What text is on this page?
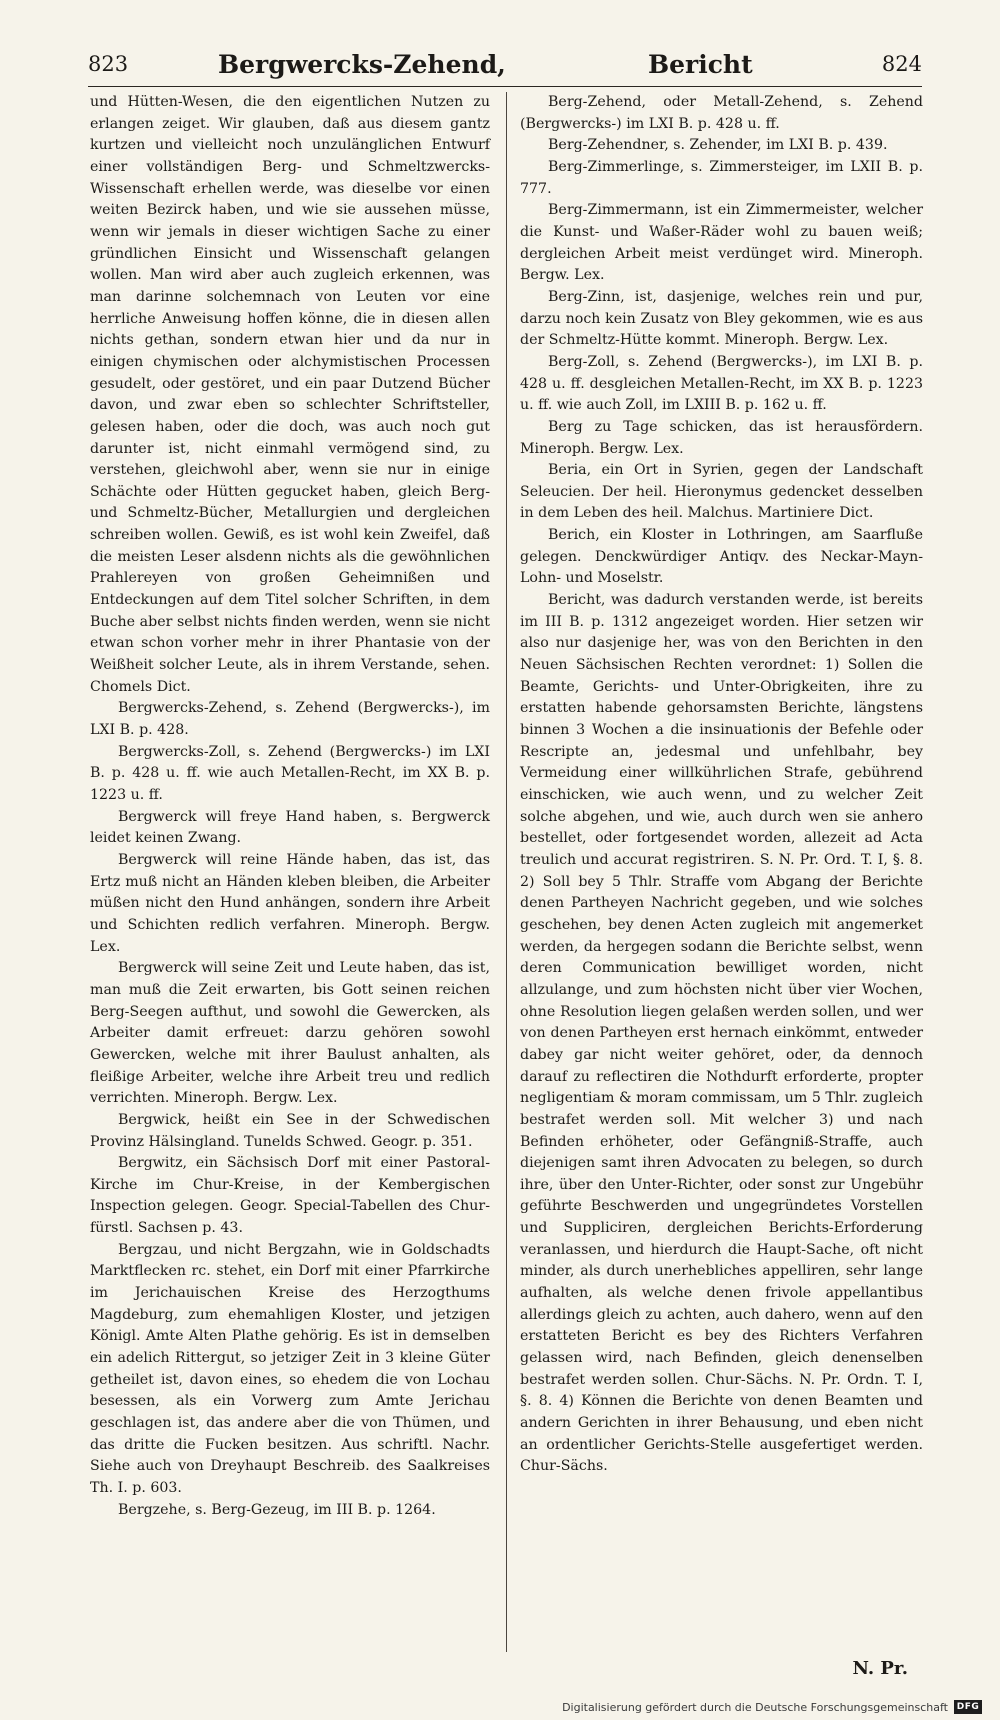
823	Bergwercks-Zehend,	Bericht	824

und Hütten-Wesen, die den eigentlichen Nutzen zu erlangen zeiget. Wir glauben, daß aus diesem gantz kurtzen und vielleicht noch unzulänglichen Entwurf einer vollständigen Berg- und Schmeltzwercks-Wissenschaft erhellen werde, was dieselbe vor einen weiten Bezirck haben, und wie sie aussehen müsse, wenn wir jemals in dieser wichtigen Sache zu einer gründlichen Einsicht und Wissenschaft gelangen wollen. Man wird aber auch zugleich erkennen, was man darinne solchemnach von Leuten vor eine herrliche Anweisung hoffen könne, die in diesen allen nichts gethan, sondern etwan hier und da nur in einigen chymischen oder alchymistischen Processen gesudelt, oder gestöret, und ein paar Dutzend Bücher davon, und zwar eben so schlechter Schriftsteller, gelesen haben, oder die doch, was auch noch gut darunter ist, nicht einmahl vermögend sind, zu verstehen, gleichwohl aber, wenn sie nur in einige Schächte oder Hütten gegucket haben, gleich Berg- und Schmeltz-Bücher, Metallurgien und dergleichen schreiben wollen. Gewiß, es ist wohl kein Zweifel, daß die meisten Leser alsdenn nichts als die gewöhnlichen Prahlereyen von großen Geheimnißen und Entdeckungen auf dem Titel solcher Schriften, in dem Buche aber selbst nichts finden werden, wenn sie nicht etwan schon vorher mehr in ihrer Phantasie von der Weißheit solcher Leute, als in ihrem Verstande, sehen. Chomels Dict.

Bergwercks-Zehend, s. Zehend (Bergwercks-), im LXI B. p. 428.

Bergwercks-Zoll, s. Zehend (Bergwercks-) im LXI B. p. 428 u. ff. wie auch Metallen-Recht, im XX B. p. 1223 u. ff.

Bergwerck will freye Hand haben, s. Bergwerck leidet keinen Zwang.

Bergwerck will reine Hände haben, das ist, das Ertz muß nicht an Händen kleben bleiben, die Arbeiter müßen nicht den Hund anhängen, sondern ihre Arbeit und Schichten redlich verfahren. Mineroph. Bergw. Lex.

Bergwerck will seine Zeit und Leute haben, das ist, man muß die Zeit erwarten, bis Gott seinen reichen Berg-Seegen aufthut, und sowohl die Gewercken, als Arbeiter damit erfreuet: darzu gehören sowohl Gewercken, welche mit ihrer Baulust anhalten, als fleißige Arbeiter, welche ihre Arbeit treu und redlich verrichten. Mineroph. Bergw. Lex.

Bergwick, heißt ein See in der Schwedischen Provinz Hälsingland. Tunelds Schwed. Geogr. p. 351.

Bergwitz, ein Sächsisch Dorf mit einer Pastoral-Kirche im Chur-Kreise, in der Kembergischen Inspection gelegen. Geogr. Special-Tabellen des Chur-fürstl. Sachsen p. 43.

Bergzau, und nicht Bergzahn, wie in Goldschadts Marktflecken rc. stehet, ein Dorf mit einer Pfarrkirche im Jerichauischen Kreise des Herzogthums Magdeburg, zum ehemahligen Kloster, und jetzigen Königl. Amte Alten Plathe gehörig. Es ist in demselben ein adelich Rittergut, so jetziger Zeit in 3 kleine Güter getheilet ist, davon eines, so ehedem die von Lochau besessen, als ein Vorwerg zum Amte Jerichau geschlagen ist, das andere aber die von Thümen, und das dritte die Fucken besitzen. Aus schriftl. Nachr. Siehe auch von Dreyhaupt Beschreib. des Saalkreises Th. I. p. 603.

Bergzehe, s. Berg-Gezeug, im III B. p. 1264.

Berg-Zehend, oder Metall-Zehend, s. Zehend (Bergwercks-) im LXI B. p. 428 u. ff.

Berg-Zehendner, s. Zehender, im LXI B. p. 439.

Berg-Zimmerlinge, s. Zimmersteiger, im LXII B. p. 777.

Berg-Zimmermann, ist ein Zimmermeister, welcher die Kunst- und Waßer-Räder wohl zu bauen weiß; dergleichen Arbeit meist verdünget wird. Mineroph. Bergw. Lex.

Berg-Zinn, ist, dasjenige, welches rein und pur, darzu noch kein Zusatz von Bley gekommen, wie es aus der Schmeltz-Hütte kommt. Mineroph. Bergw. Lex.

Berg-Zoll, s. Zehend (Bergwercks-), im LXI B. p. 428 u. ff. desgleichen Metallen-Recht, im XX B. p. 1223 u. ff. wie auch Zoll, im LXIII B. p. 162 u. ff.

Berg zu Tage schicken, das ist herausfördern. Mineroph. Bergw. Lex.

Beria, ein Ort in Syrien, gegen der Landschaft Seleucien. Der heil. Hieronymus gedencket desselben in dem Leben des heil. Malchus. Martiniere Dict.

Berich, ein Kloster in Lothringen, am Saarfluße gelegen. Denckwürdiger Antiqv. des Neckar-Mayn-Lohn- und Moselstr.

Bericht, was dadurch verstanden werde, ist bereits im III B. p. 1312 angezeiget worden. Hier setzen wir also nur dasjenige her, was von den Berichten in den Neuen Sächsischen Rechten verordnet: 1) Sollen die Beamte, Gerichts- und Unter-Obrigkeiten, ihre zu erstatten habende gehorsamsten Berichte, längstens binnen 3 Wochen a die insinuationis der Befehle oder Rescripte an, jedesmal und unfehlbahr, bey Vermeidung einer willkührlichen Strafe, gebührend einschicken, wie auch wenn, und zu welcher Zeit solche abgehen, und wie, auch durch wen sie anhero bestellet, oder fortgesendet worden, allezeit ad Acta treulich und accurat registriren. S. N. Pr. Ord. T. I, §. 8. 2) Soll bey 5 Thlr. Straffe vom Abgang der Berichte denen Partheyen Nachricht gegeben, und wie solches geschehen, bey denen Acten zugleich mit angemerket werden, da hergegen sodann die Berichte selbst, wenn deren Communication bewilliget worden, nicht allzulange, und zum höchsten nicht über vier Wochen, ohne Resolution liegen gelaßen werden sollen, und wer von denen Partheyen erst hernach einkömmt, entweder dabey gar nicht weiter gehöret, oder, da dennoch darauf zu reflectiren die Nothdurft erforderte, propter negligentiam & moram commissam, um 5 Thlr. zugleich bestrafet werden soll. Mit welcher 3) und nach Befinden erhöheter, oder Gefängniß-Straffe, auch diejenigen samt ihren Advocaten zu belegen, so durch ihre, über den Unter-Richter, oder sonst zur Ungebühr geführte Beschwerden und ungegründetes Vorstellen und Suppliciren, dergleichen Berichts-Erforderung veranlassen, und hierdurch die Haupt-Sache, oft nicht minder, als durch unerhebliches appelliren, sehr lange aufhalten, als welche denen frivole appellantibus allerdings gleich zu achten, auch dahero, wenn auf den erstatteten Bericht es bey des Richters Verfahren gelassen wird, nach Befinden, gleich denenselben bestrafet werden sollen. Chur-Sächs. N. Pr. Ordn. T. I, §. 8. 4) Können die Berichte von denen Beamten und andern Gerichten in ihrer Behausung, und eben nicht an ordentlicher Gerichts-Stelle ausgefertiget werden. Chur-Sächs.

N. Pr.
Digitalisierung gefördert durch die Deutsche Forschungsgemeinschaft DFG
